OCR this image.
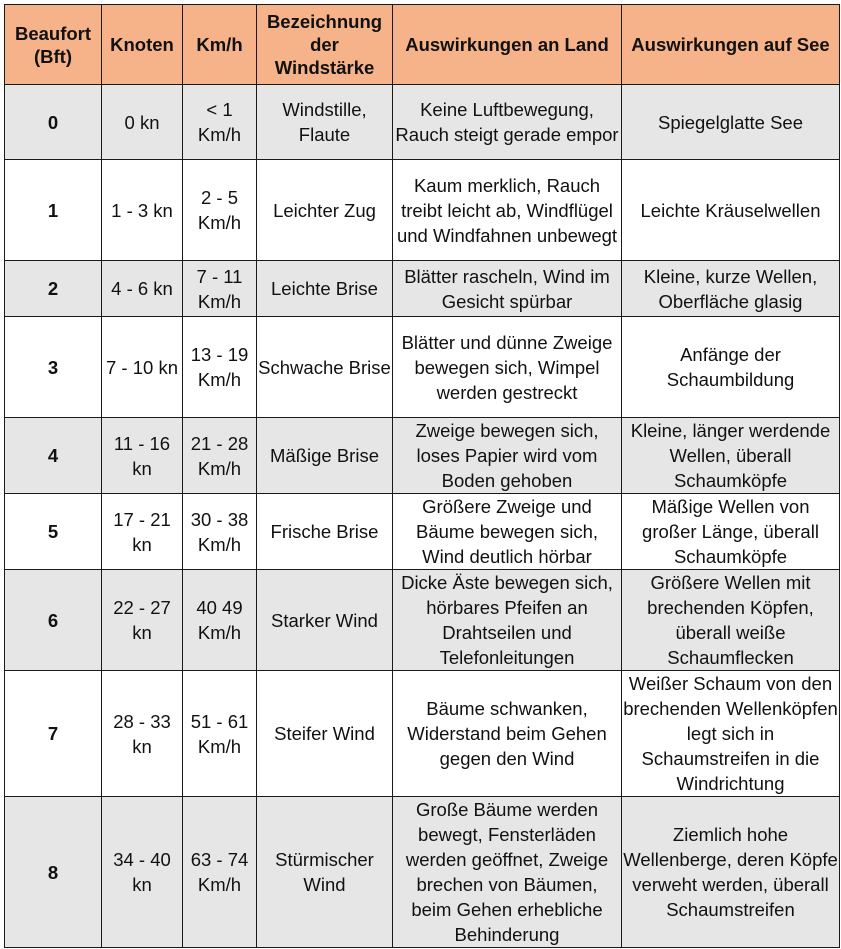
Beaufort (Bft)	Knoten	Km/h	Bezeichnung der Windstärke	Auswirkungen an Land	Auswirkungen auf See
0	0 kn	< 1 Km/h	Windstille, Flaute	Keine Luftbewegung, Rauch steigt gerade empor	Spiegelglatte See
1	1 - 3 kn	2 - 5 Km/h	Leichter Zug	Kaum merklich, Rauch treibt leicht ab, Windflügel und Windfahnen unbewegt	Leichte Kräuselwellen
2	4 - 6 kn	7 - 11 Km/h	Leichte Brise	Blätter rascheln, Wind im Gesicht spürbar	Kleine, kurze Wellen, Oberfläche glasig
3	7 - 10 kn	13 - 19 Km/h	Schwache Brise	Blätter und dünne Zweige bewegen sich, Wimpel werden gestreckt	Anfänge der Schaumbildung
4	11 - 16 kn	21 - 28 Km/h	Mäßige Brise	Zweige bewegen sich, loses Papier wird vom Boden gehoben	Kleine, länger werdende Wellen, überall Schaumköpfe
5	17 - 21 kn	30 - 38 Km/h	Frische Brise	Größere Zweige und Bäume bewegen sich, Wind deutlich hörbar	Mäßige Wellen von großer Länge, überall Schaumköpfe
6	22 - 27 kn	40 49 Km/h	Starker Wind	Dicke Äste bewegen sich, hörbares Pfeifen an Drahtseilen und Telefonleitungen	Größere Wellen mit brechenden Köpfen, überall weiße Schaumflecken
7	28 - 33 kn	51 - 61 Km/h	Steifer Wind	Bäume schwanken, Widerstand beim Gehen gegen den Wind	Weißer Schaum von den brechenden Wellenköpfen legt sich in Schaumstreifen in die Windrichtung
8	34 - 40 kn	63 - 74 Km/h	Stürmischer Wind	Große Bäume werden bewegt, Fensterläden werden geöffnet, Zweige brechen von Bäumen, beim Gehen erhebliche Behinderung	Ziemlich hohe Wellenberge, deren Köpfe verweht werden, überall Schaumstreifen
